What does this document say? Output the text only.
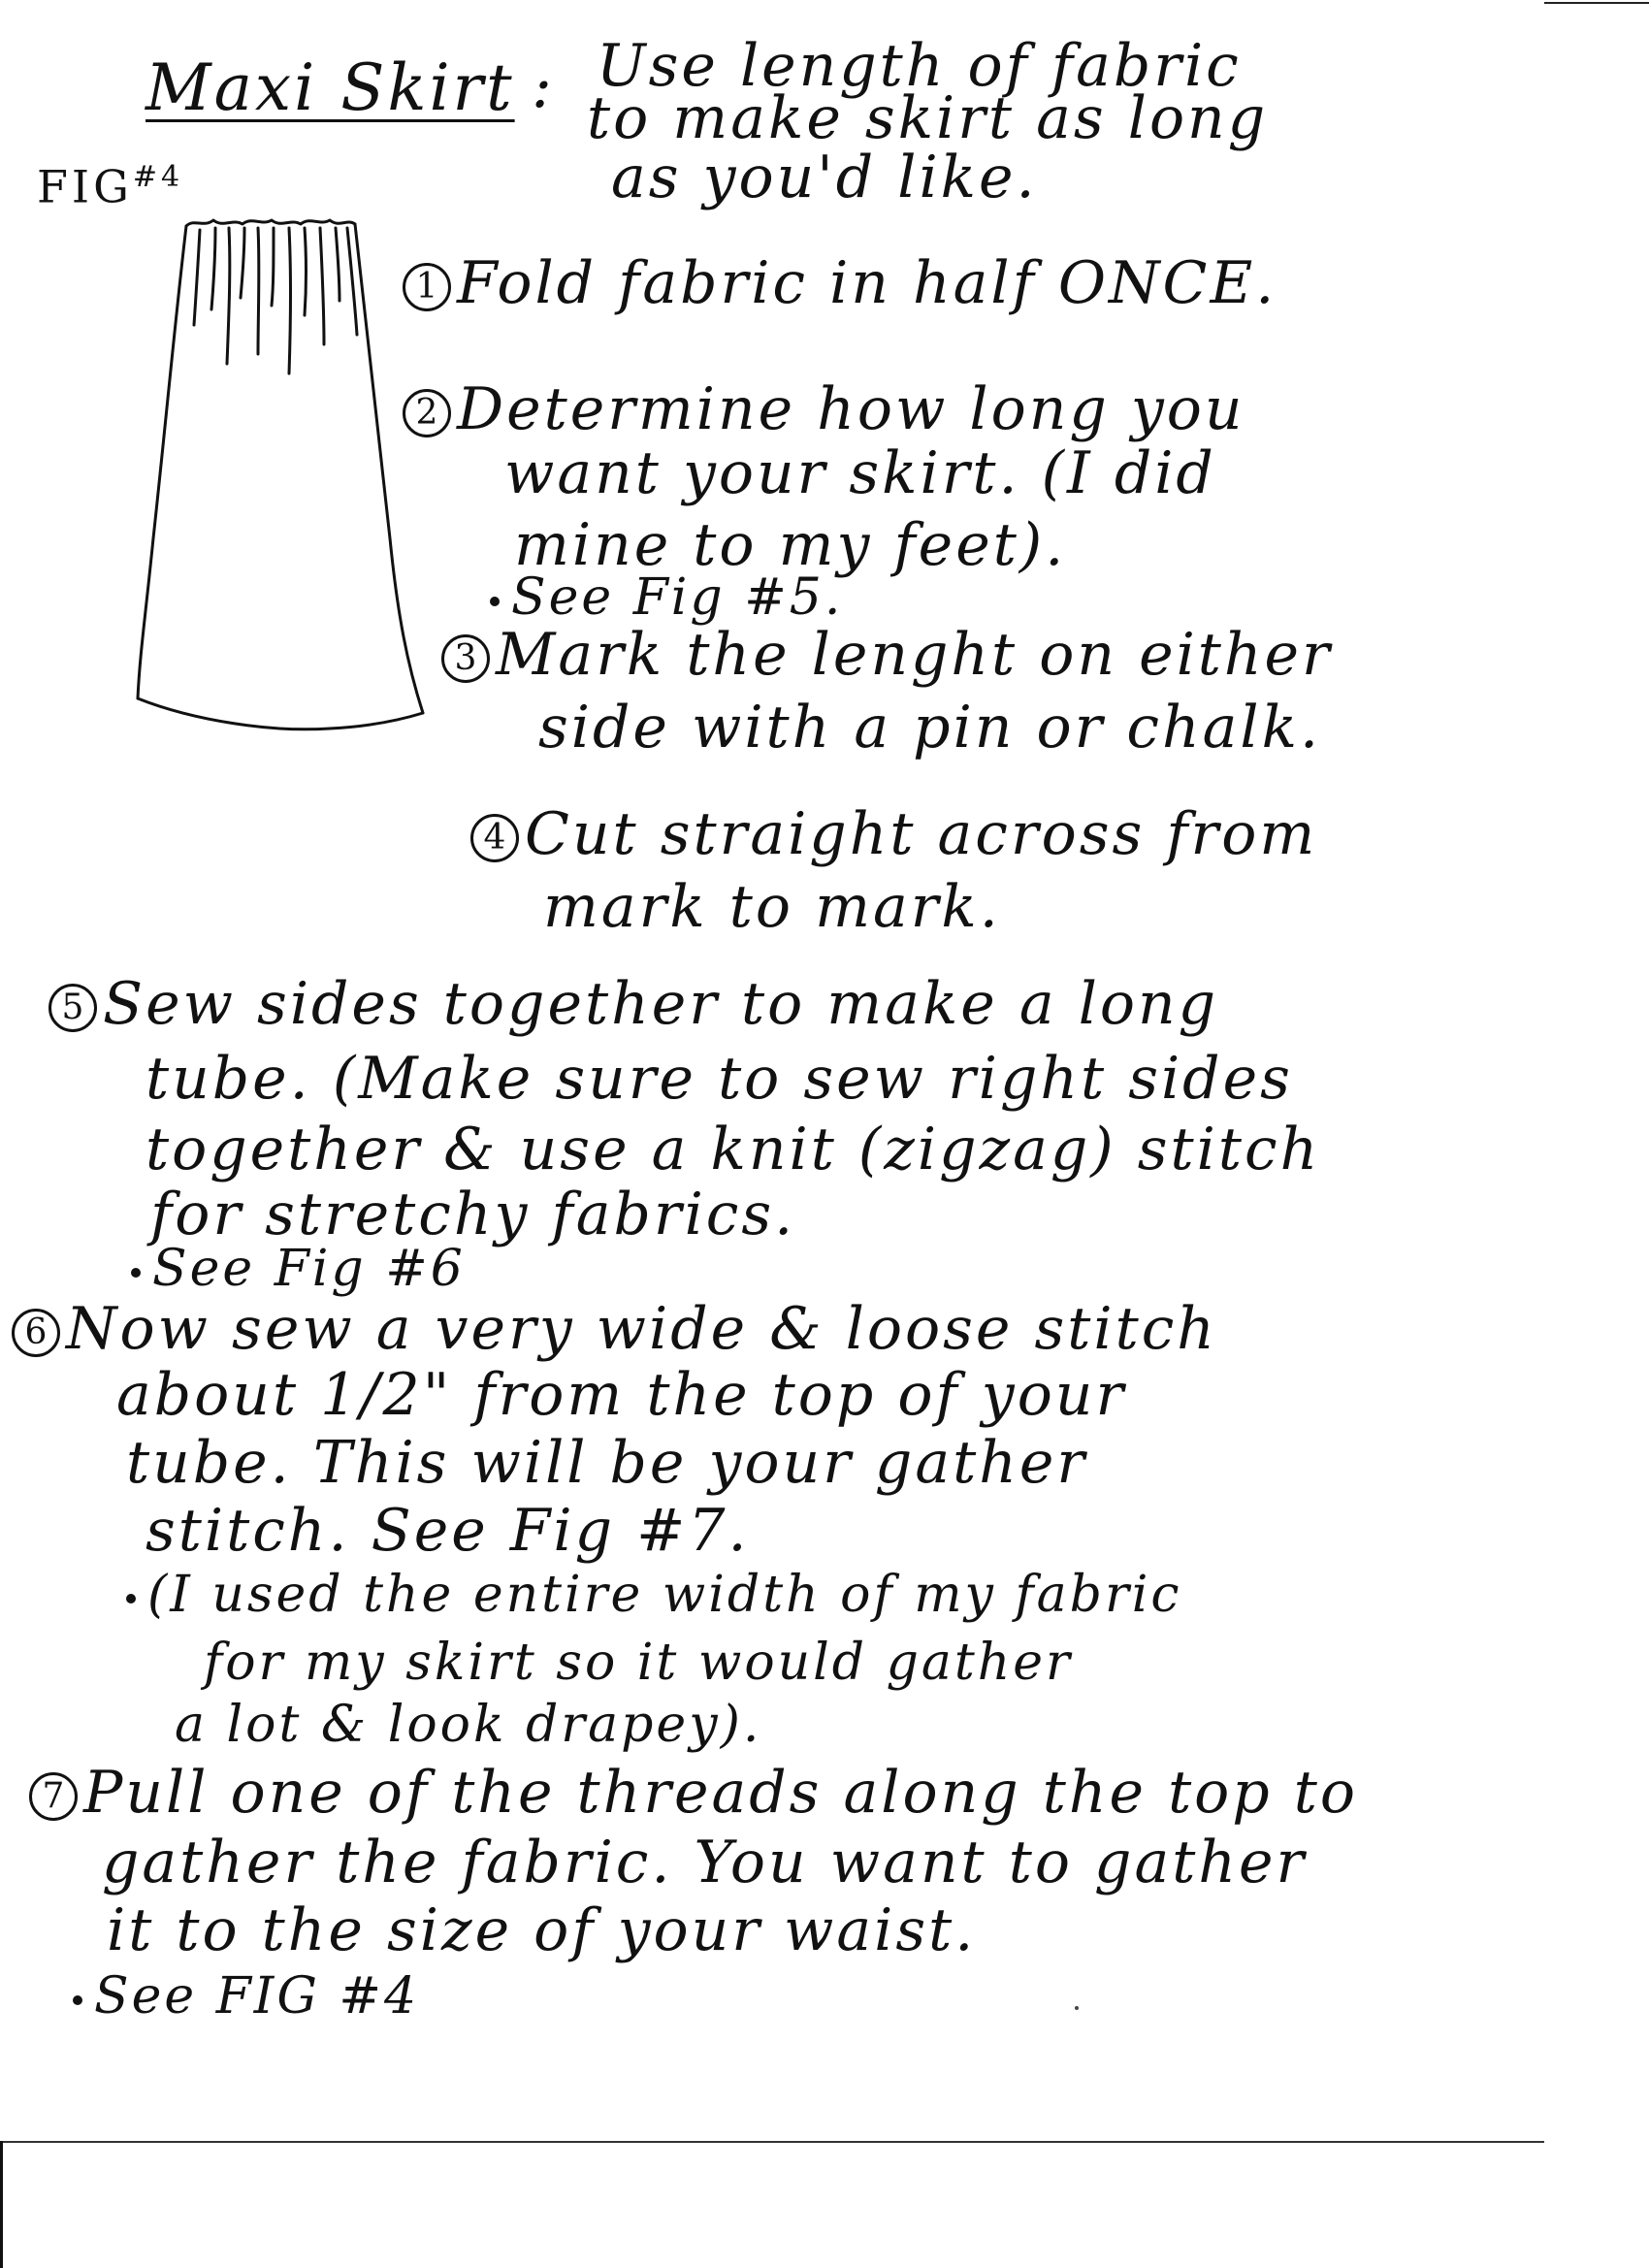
Maxi Skirt : Use length of fabric
to make skirt as long
as you'd like.
FIG$^{\#4}$
1 Fold fabric in half ONCE.
2 Determine how long you
want your skirt. (I did
mine to my feet).
See Fig #5.
3 Mark the lenght on either
side with a pin or chalk.
4 Cut straight across from
mark to mark.
5 Sew sides together to make a long
tube. (Make sure to sew right sides
together & use a knit (zigzag) stitch
for stretchy fabrics.
See Fig #6
6 Now sew a very wide & loose stitch
about 1/2" from the top of your
tube. This will be your gather
stitch. See Fig #7.
(I used the entire width of my fabric
for my skirt so it would gather
a lot & look drapey).
7 Pull one of the threads along the top to
gather the fabric. You want to gather
it to the size of your waist.
See FIG #4
